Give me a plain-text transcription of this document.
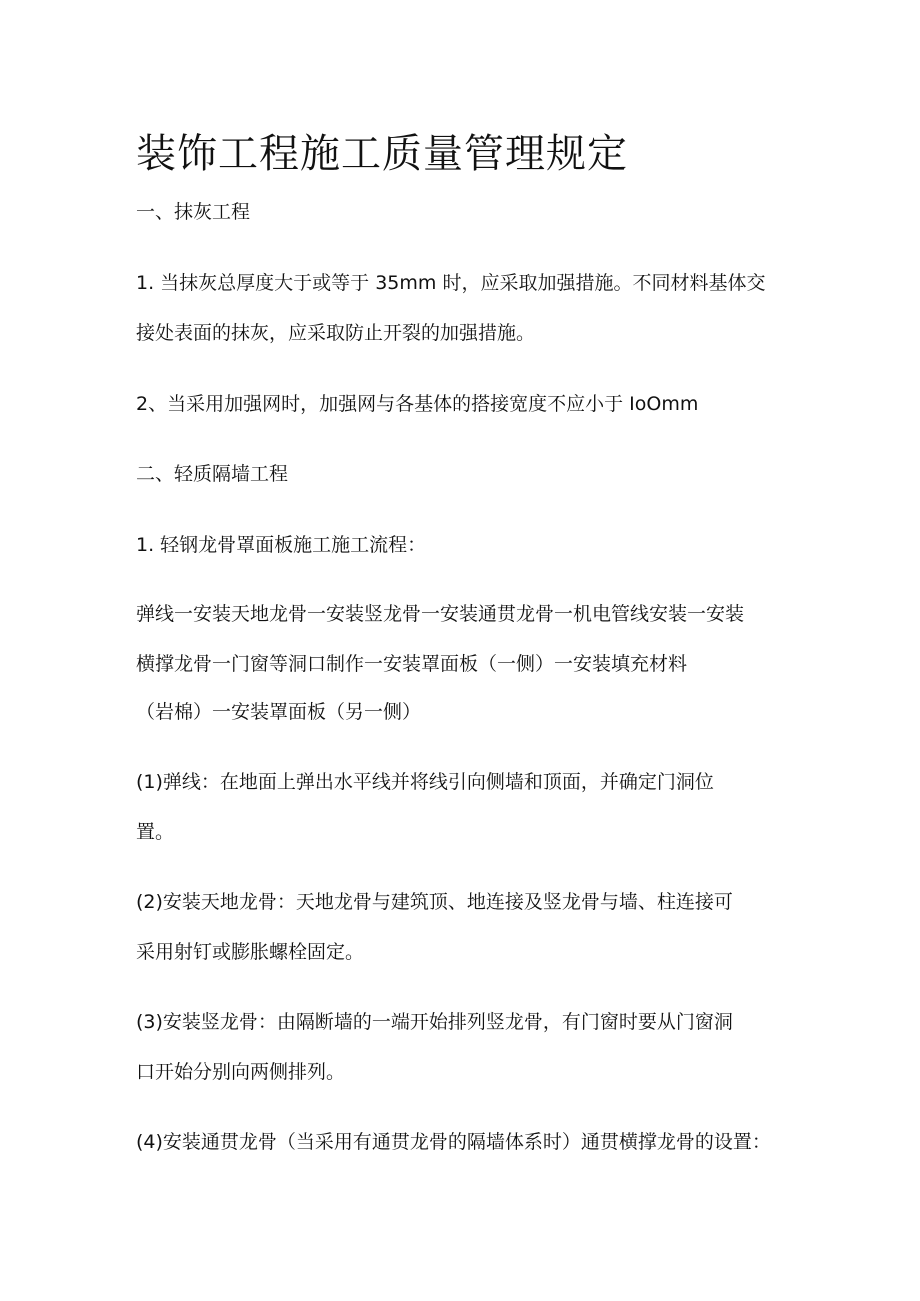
装饰工程施工质量管理规定
一、抹灰工程
1. 当抹灰总厚度大于或等于 35mm 时，应采取加强措施。不同材料基体交
接处表面的抹灰，应采取防止开裂的加强措施。
2、当采用加强网时，加强网与各基体的搭接宽度不应小于 IoOmm
二、轻质隔墙工程
1. 轻钢龙骨罩面板施工施工流程：
弹线一安装天地龙骨一安装竖龙骨一安装通贯龙骨一机电管线安装一安装
横撑龙骨一门窗等洞口制作一安装罩面板（一侧）一安装填充材料
（岩棉）一安装罩面板（另一侧）
(1)弹线：在地面上弹出水平线并将线引向侧墙和顶面，并确定门洞位
置。
(2)安装天地龙骨：天地龙骨与建筑顶、地连接及竖龙骨与墙、柱连接可
采用射钉或膨胀螺栓固定。
(3)安装竖龙骨：由隔断墙的一端开始排列竖龙骨，有门窗时要从门窗洞
口开始分别向两侧排列。
(4)安装通贯龙骨（当采用有通贯龙骨的隔墙体系时）通贯横撑龙骨的设置：
